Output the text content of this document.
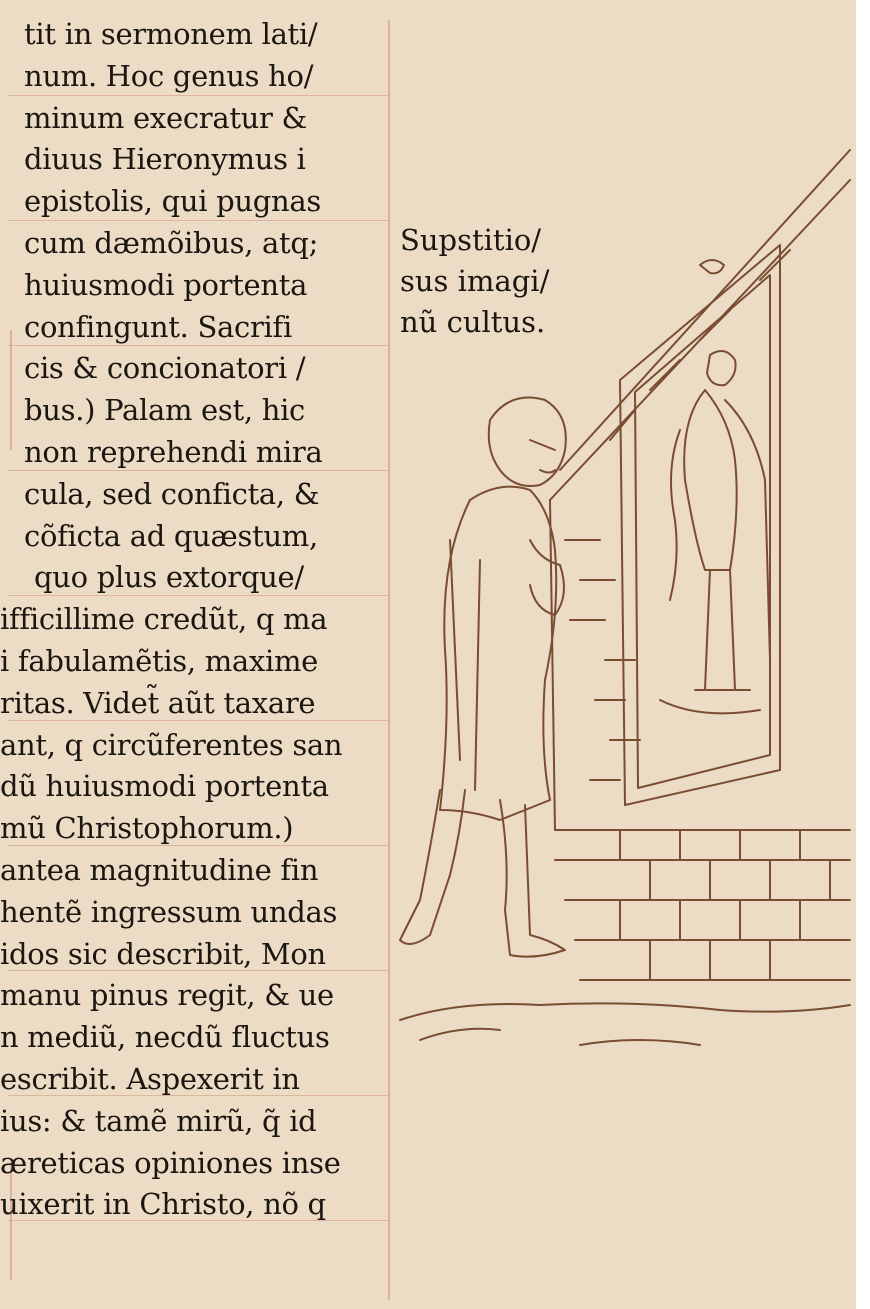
tit in sermonem lati/
num. Hoc genus ho/
minum execratur &
diuus Hieronymus i
epistolis, qui pugnas
cum dæmõibus, atq;
huiusmodi portenta
confingunt. Sacrifi
cis & concionatori /
bus.) Palam est, hic
non reprehendi mira
cula, sed conficta, &
cõficta ad quæstum,
quo plus extorque/
ifficillime credũt, q ma
i fabulamẽtis, maxime
ritas. Videt̃ aũt taxare
ant, q circũferentes san
dũ huiusmodi portenta
mũ Christophorum.)
antea magnitudine fin
hentẽ ingressum undas
idos sic describit, Mon
manu pinus regit, & ue
n mediũ, necdũ fluctus
escribit. Aspexerit in
ius: & tamẽ mirũ, q̃ id
æreticas opiniones inse
uixerit in Christo, nõ q
Supstitio/
sus imagi/
nũ cultus.
